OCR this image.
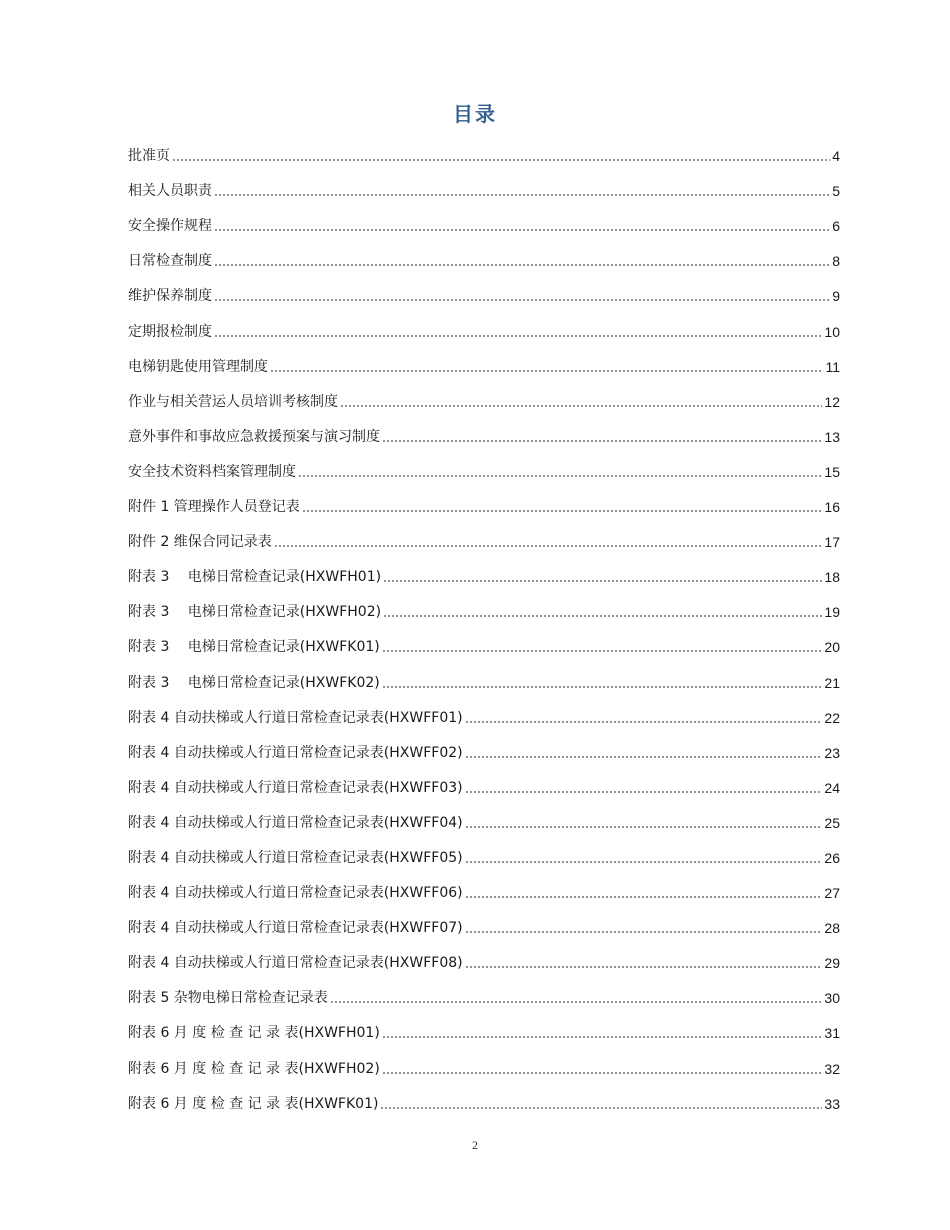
目录
批准页	4
相关人员职责	5
安全操作规程	6
日常检查制度	8
维护保养制度	9
定期报检制度	10
电梯钥匙使用管理制度	11
作业与相关营运人员培训考核制度	12
意外事件和事故应急救援预案与演习制度	13
安全技术资料档案管理制度	15
附件 1 管理操作人员登记表	16
附件 2 维保合同记录表	17
附表 3　 电梯日常检查记录(HXWFH01)	18
附表 3　 电梯日常检查记录(HXWFH02)	19
附表 3　 电梯日常检查记录(HXWFK01)	20
附表 3　 电梯日常检查记录(HXWFK02)	21
附表 4 自动扶梯或人行道日常检查记录表(HXWFF01)	22
附表 4 自动扶梯或人行道日常检查记录表(HXWFF02)	23
附表 4 自动扶梯或人行道日常检查记录表(HXWFF03)	24
附表 4 自动扶梯或人行道日常检查记录表(HXWFF04)	25
附表 4 自动扶梯或人行道日常检查记录表(HXWFF05)	26
附表 4 自动扶梯或人行道日常检查记录表(HXWFF06)	27
附表 4 自动扶梯或人行道日常检查记录表(HXWFF07)	28
附表 4 自动扶梯或人行道日常检查记录表(HXWFF08)	29
附表 5 杂物电梯日常检查记录表	30
附表 6 月 度 检 查 记 录 表(HXWFH01)	31
附表 6 月 度 检 查 记 录 表(HXWFH02)	32
附表 6 月 度 检 查 记 录 表(HXWFK01)	33
2
